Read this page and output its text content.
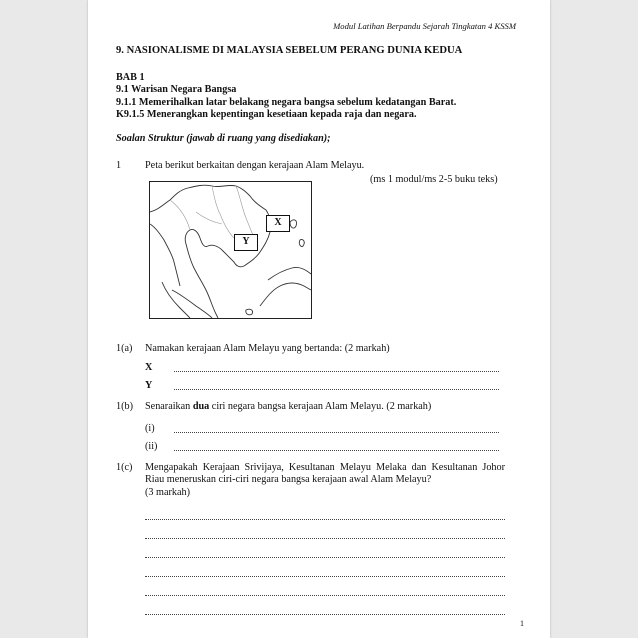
Modul Latihan Berpandu Sejarah Tingkatan 4 KSSM
9. NASIONALISME DI MALAYSIA SEBELUM PERANG DUNIA KEDUA
BAB 1
9.1 Warisan Negara Bangsa
9.1.1 Memerihalkan latar belakang negara bangsa sebelum kedatangan Barat.
K9.1.5 Menerangkan kepentingan kesetiaan kepada raja dan negara.
Soalan Struktur (jawab di ruang yang disediakan);
1 Peta berikut berkaitan dengan kerajaan Alam Melayu.
(ms 1 modul/ms 2-5 buku teks)
X
Y
1(a) Namakan kerajaan Alam Melayu yang bertanda: (2 markah)
X
Y
1(b) Senaraikan dua ciri negara bangsa kerajaan Alam Melayu. (2 markah)
(i)
(ii)
1(c) Mengapakah Kerajaan Srivijaya, Kesultanan Melayu Melaka dan Kesultanan Johor Riau meneruskan ciri-ciri negara bangsa kerajaan awal Alam Melayu?
(3 markah)
1
